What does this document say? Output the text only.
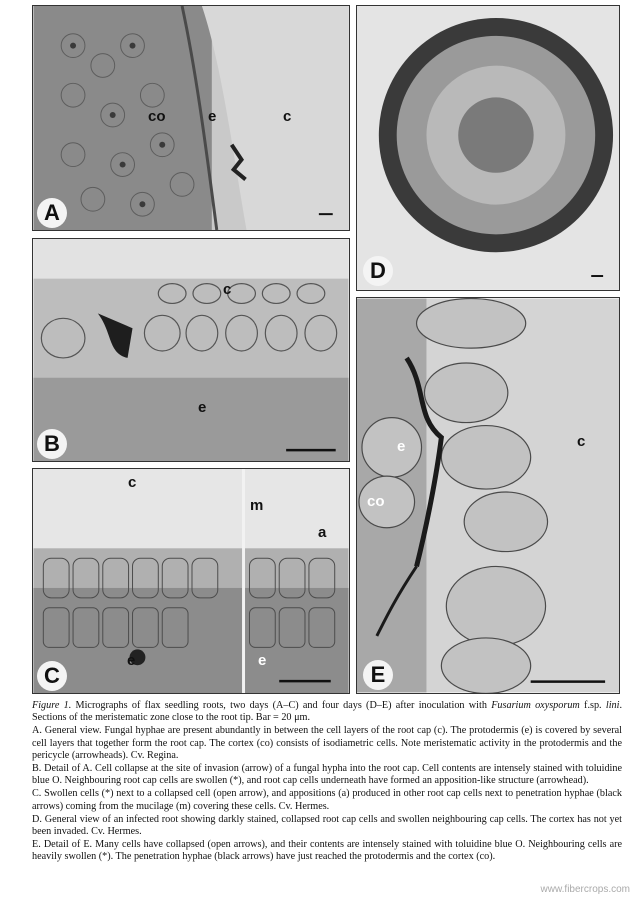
co	e	c
A
c
e
B
c
m
a
e	e
C
D
e
co
c
E

Figure 1. Micrographs of flax seedling roots, two days (A–C) and four days (D–E) after inoculation with Fusarium oxysporum f.sp. lini. Sections of the meristematic zone close to the root tip. Bar = 20 μm.

A. General view. Fungal hyphae are present abundantly in between the cell layers of the root cap (c). The protodermis (e) is covered by several cell layers that together form the root cap. The cortex (co) consists of isodiametric cells. Note meristematic activity in the protodermis and the pericycle (arrowheads). Cv. Regina.

B. Detail of A. Cell collapse at the site of invasion (arrow) of a fungal hypha into the root cap. Cell contents are intensely stained with toluidine blue O. Neighbouring root cap cells are swollen (*), and root cap cells underneath have formed an apposition-like structure (arrowhead).

C. Swollen cells (*) next to a collapsed cell (open arrow), and appositions (a) produced in other root cap cells next to penetration hyphae (black arrows) coming from the mucilage (m) covering these cells. Cv. Hermes.

D. General view of an infected root showing darkly stained, collapsed root cap cells and swollen neighbouring cap cells. The cortex has not yet been invaded. Cv. Hermes.

E. Detail of E. Many cells have collapsed (open arrows), and their contents are intensely stained with toluidine blue O. Neighbouring cells are heavily swollen (*). The penetration hyphae (black arrows) have just reached the protodermis and the cortex (co).

www.fibercrops.com
